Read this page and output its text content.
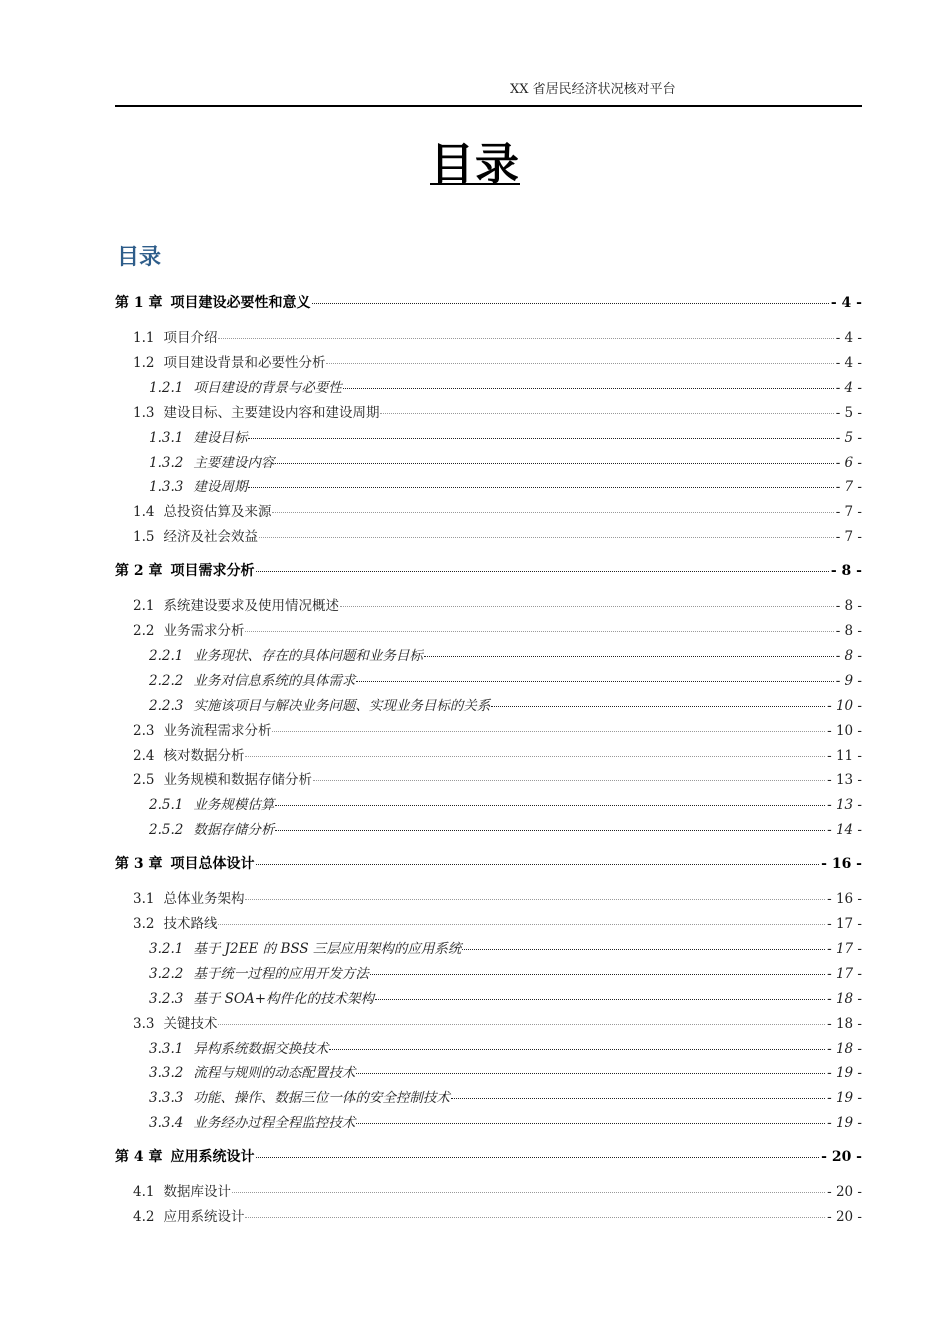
XX 省居民经济状况核对平台
目录
目录
第 1 章 项目建设必要性和意义	- 4 -
1.1 项目介绍	- 4 -
1.2 项目建设背景和必要性分析	- 4 -
1.2.1 项目建设的背景与必要性	- 4 -
1.3 建设目标、主要建设内容和建设周期	- 5 -
1.3.1 建设目标	- 5 -
1.3.2 主要建设内容	- 6 -
1.3.3 建设周期	- 7 -
1.4 总投资估算及来源	- 7 -
1.5 经济及社会效益	- 7 -
第 2 章 项目需求分析	- 8 -
2.1 系统建设要求及使用情况概述	- 8 -
2.2 业务需求分析	- 8 -
2.2.1 业务现状、存在的具体问题和业务目标	- 8 -
2.2.2 业务对信息系统的具体需求	- 9 -
2.2.3 实施该项目与解决业务问题、实现业务目标的关系	- 10 -
2.3 业务流程需求分析	- 10 -
2.4 核对数据分析	- 11 -
2.5 业务规模和数据存储分析	- 13 -
2.5.1 业务规模估算	- 13 -
2.5.2 数据存储分析	- 14 -
第 3 章 项目总体设计	- 16 -
3.1 总体业务架构	- 16 -
3.2 技术路线	- 17 -
3.2.1 基于 J2EE 的 BSS 三层应用架构的应用系统	- 17 -
3.2.2 基于统一过程的应用开发方法	- 17 -
3.2.3 基于 SOA+构件化的技术架构	- 18 -
3.3 关键技术	- 18 -
3.3.1 异构系统数据交换技术	- 18 -
3.3.2 流程与规则的动态配置技术	- 19 -
3.3.3 功能、操作、数据三位一体的安全控制技术	- 19 -
3.3.4 业务经办过程全程监控技术	- 19 -
第 4 章 应用系统设计	- 20 -
4.1 数据库设计	- 20 -
4.2 应用系统设计	- 20 -
